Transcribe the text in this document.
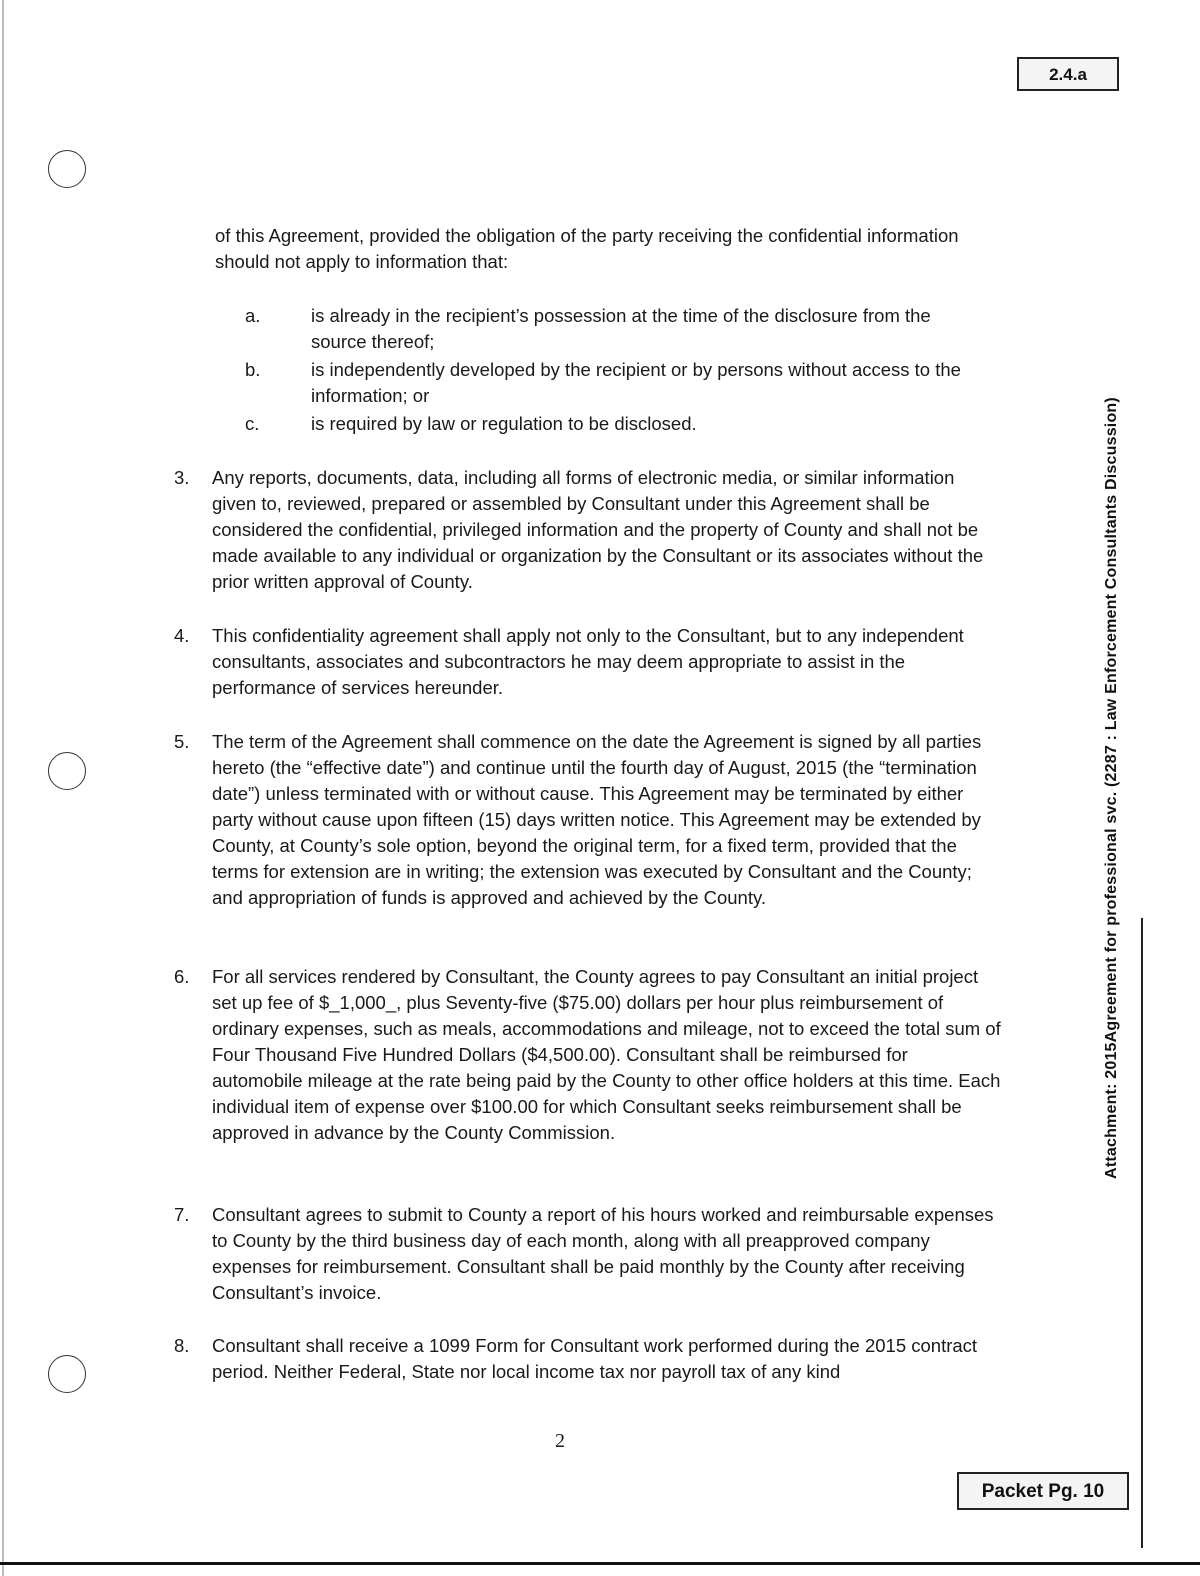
2.4.a
Attachment: 2015Agreement for professional svc. (2287 : Law Enforcement Consultants Discussion)

of this Agreement, provided the obligation of the party receiving the confidential information should not apply to information that:

a.	is already in the recipient’s possession at the time of the disclosure from the source thereof;
b.	is independently developed by the recipient or by persons without access to the information; or
c.	is required by law or regulation to be disclosed.
3. Any reports, documents, data, including all forms of electronic media, or similar information given to, reviewed, prepared or assembled by Consultant under this Agreement shall be considered the confidential, privileged information and the property of County and shall not be made available to any individual or organization by the Consultant or its associates without the prior written approval of County.

4. This confidentiality agreement shall apply not only to the Consultant, but to any independent consultants, associates and subcontractors he may deem appropriate to assist in the performance of services hereunder.

5. The term of the Agreement shall commence on the date the Agreement is signed by all parties hereto (the “effective date”) and continue until the fourth day of August, 2015 (the “termination date”) unless terminated with or without cause. This Agreement may be terminated by either party without cause upon fifteen (15) days written notice. This Agreement may be extended by County, at County’s sole option, beyond the original term, for a fixed term, provided that the terms for extension are in writing; the extension was executed by Consultant and the County; and appropriation of funds is approved and achieved by the County.

6. For all services rendered by Consultant, the County agrees to pay Consultant an initial project set up fee of $_1,000_, plus Seventy-five ($75.00) dollars per hour plus reimbursement of ordinary expenses, such as meals, accommodations and mileage, not to exceed the total sum of Four Thousand Five Hundred Dollars ($4,500.00). Consultant shall be reimbursed for automobile mileage at the rate being paid by the County to other office holders at this time. Each individual item of expense over $100.00 for which Consultant seeks reimbursement shall be approved in advance by the County Commission.

7. Consultant agrees to submit to County a report of his hours worked and reimbursable expenses to County by the third business day of each month, along with all preapproved company expenses for reimbursement. Consultant shall be paid monthly by the County after receiving Consultant’s invoice.

8. Consultant shall receive a 1099 Form for Consultant work performed during the 2015 contract period. Neither Federal, State nor local income tax nor payroll tax of any kind

2
Packet Pg. 10
